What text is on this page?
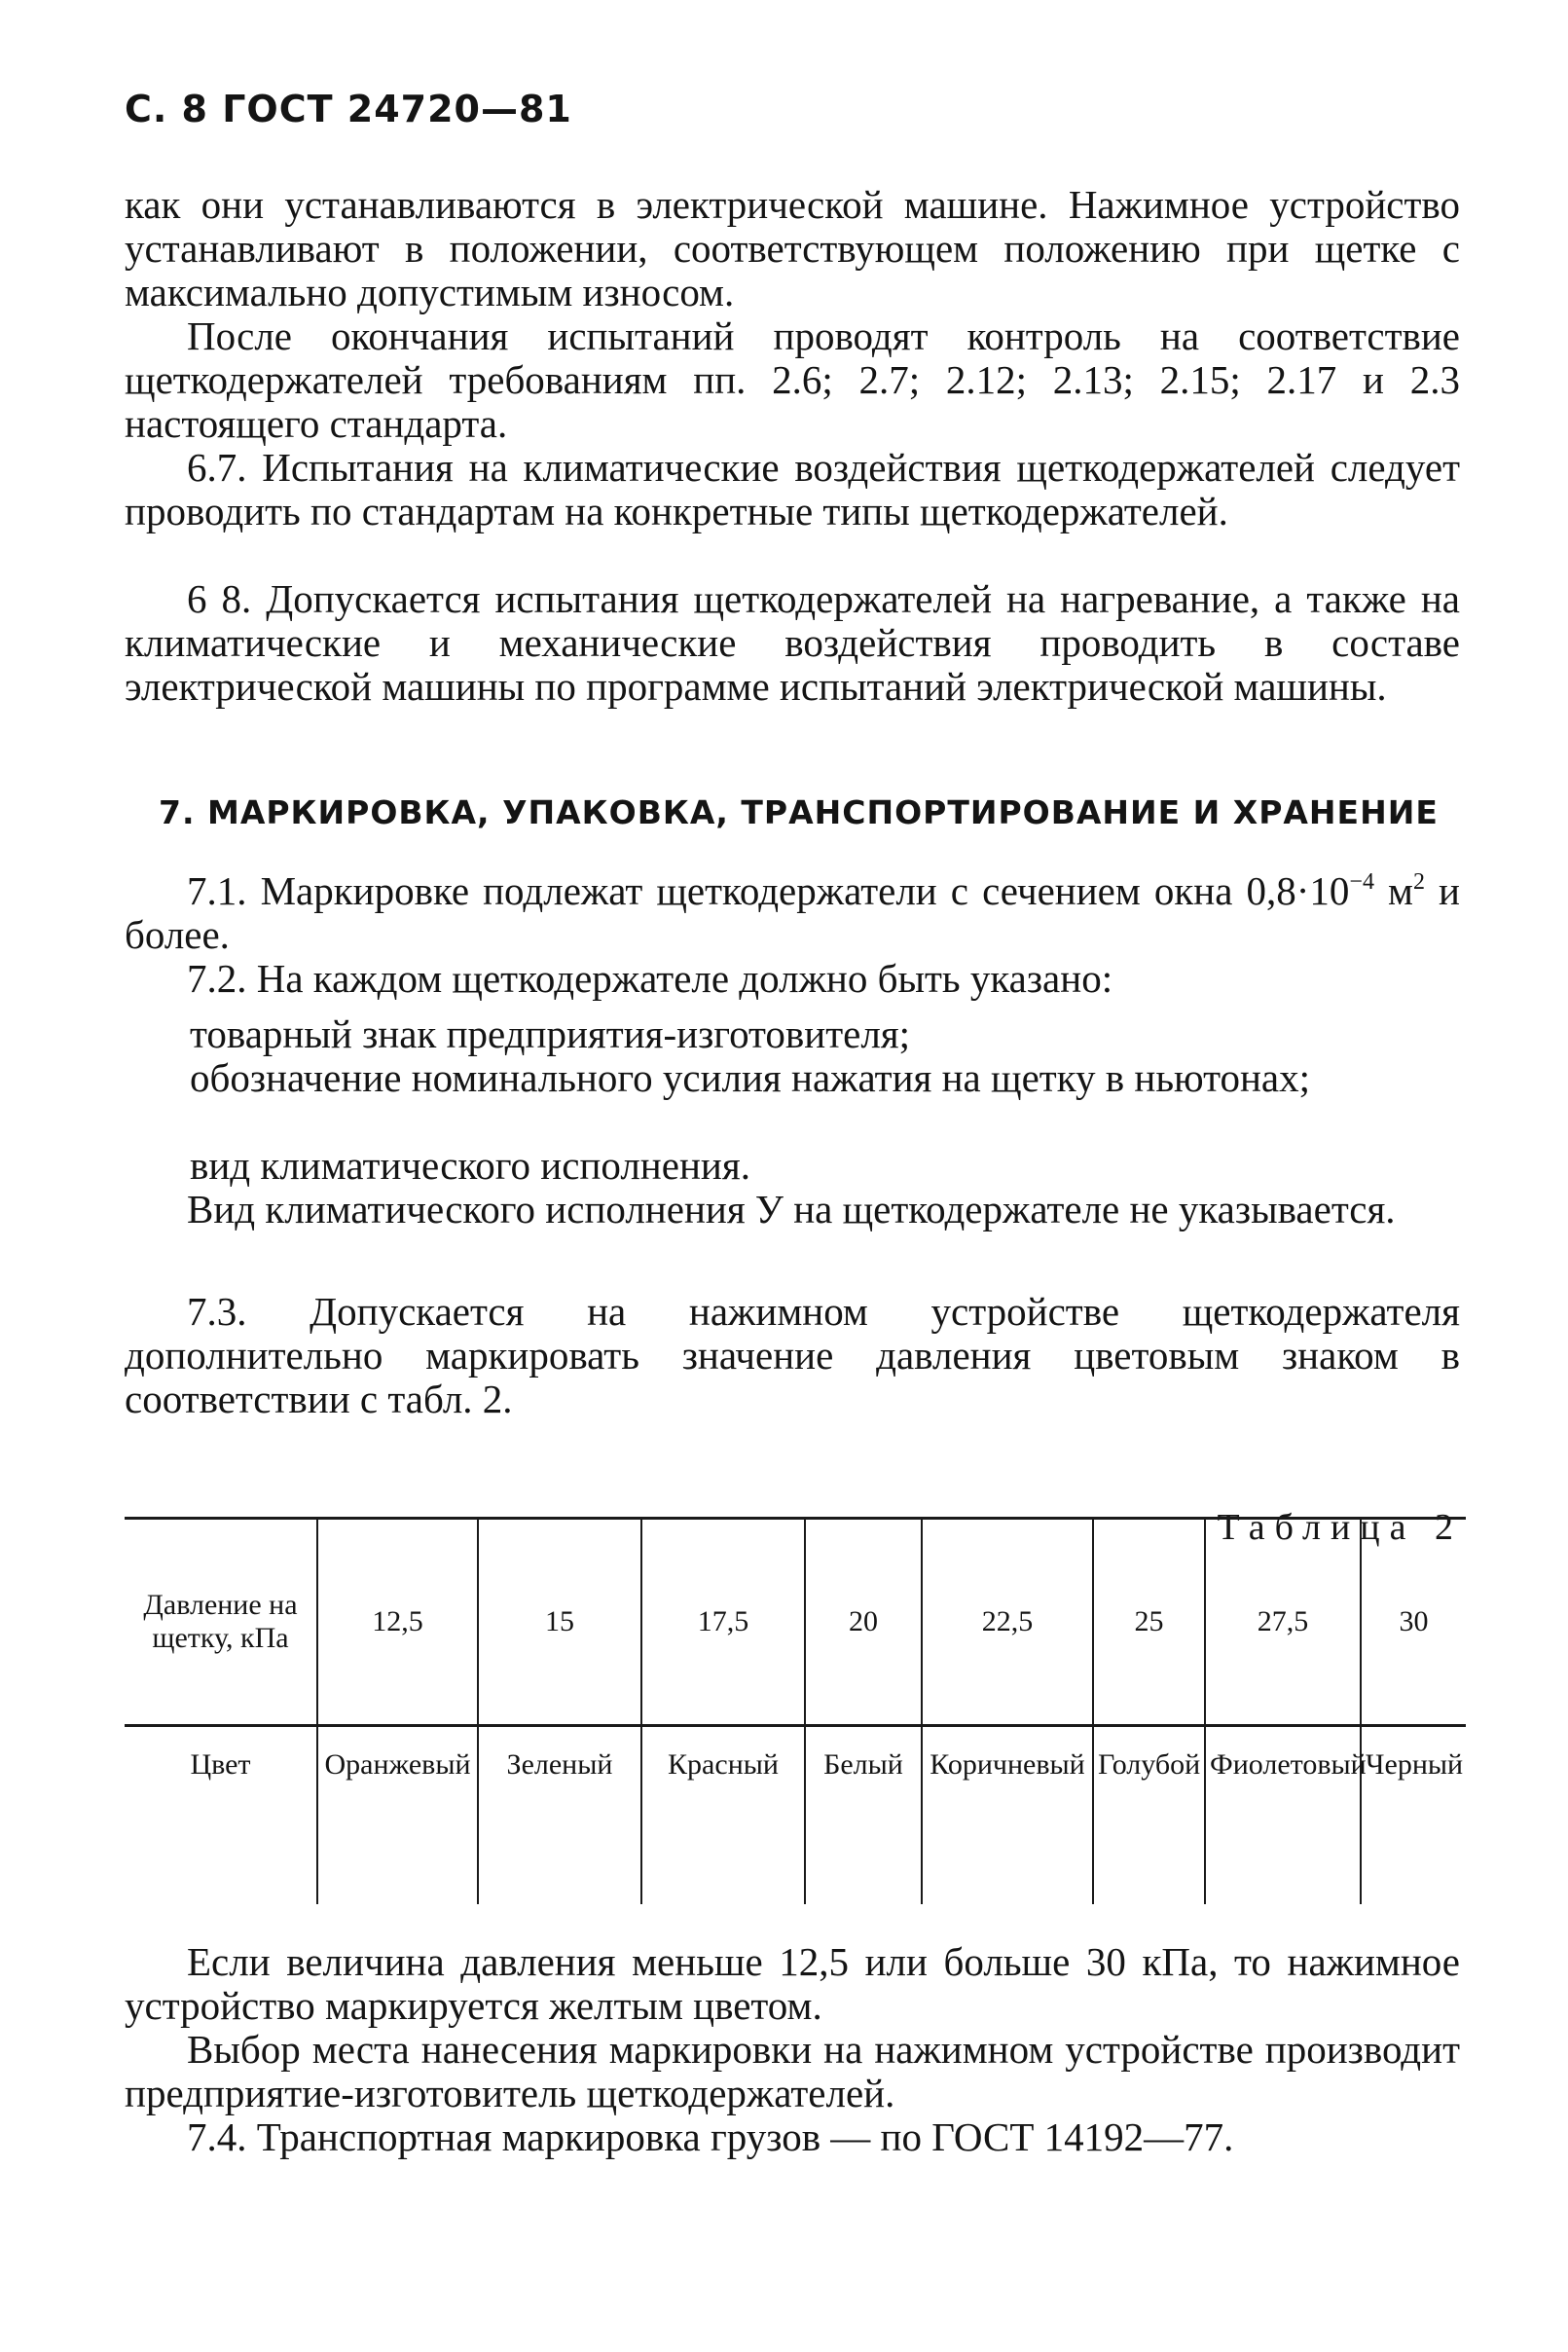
С. 8 ГОСТ 24720—81

как они устанавливаются в электрической машине. Нажимное устройство устанавливают в положении, соответствующем положению при щетке с максимально допустимым износом.

После окончания испытаний проводят контроль на соответствие щеткодержателей требованиям пп. 2.6; 2.7; 2.12; 2.13; 2.15; 2.17 и 2.3 настоящего стандарта.

6.7. Испытания на климатические воздействия щеткодержателей следует проводить по стандартам на конкретные типы щеткодержателей.

6 8. Допускается испытания щеткодержателей на нагревание, а также на климатические и механические воздействия проводить в составе электрической машины по программе испытаний электрической машины.

7. МАРКИРОВКА, УПАКОВКА, ТРАНСПОРТИРОВАНИЕ И ХРАНЕНИЕ

7.1. Маркировке подлежат щеткодержатели с сечением окна $0,8\cdot 10^{-4}$ $м^2$ и более.

7.2. На каждом щеткодержателе должно быть указано:

товарный знак предприятия-изготовителя;

обозначение номинального усилия нажатия на щетку в ньютонах;

вид климатического исполнения.

Вид климатического исполнения У на щеткодержателе не указывается.

7.3. Допускается на нажимном устройстве щеткодержателя дополнительно маркировать значение давления цветовым знаком в соответствии с табл. 2.

Таблица 2
Давление на щетку, кПа	12,5	15	17,5	20	22,5	25	27,5	30
Цвет	Оранжевый	Зеленый	Красный	Белый	Коричневый	Голубой	Фиолетовый	Черный

Если величина давления меньше 12,5 или больше 30 кПа, то нажимное устройство маркируется желтым цветом.

Выбор места нанесения маркировки на нажимном устройстве производит предприятие-изготовитель щеткодержателей.

7.4. Транспортная маркировка грузов — по ГОСТ 14192—77.
